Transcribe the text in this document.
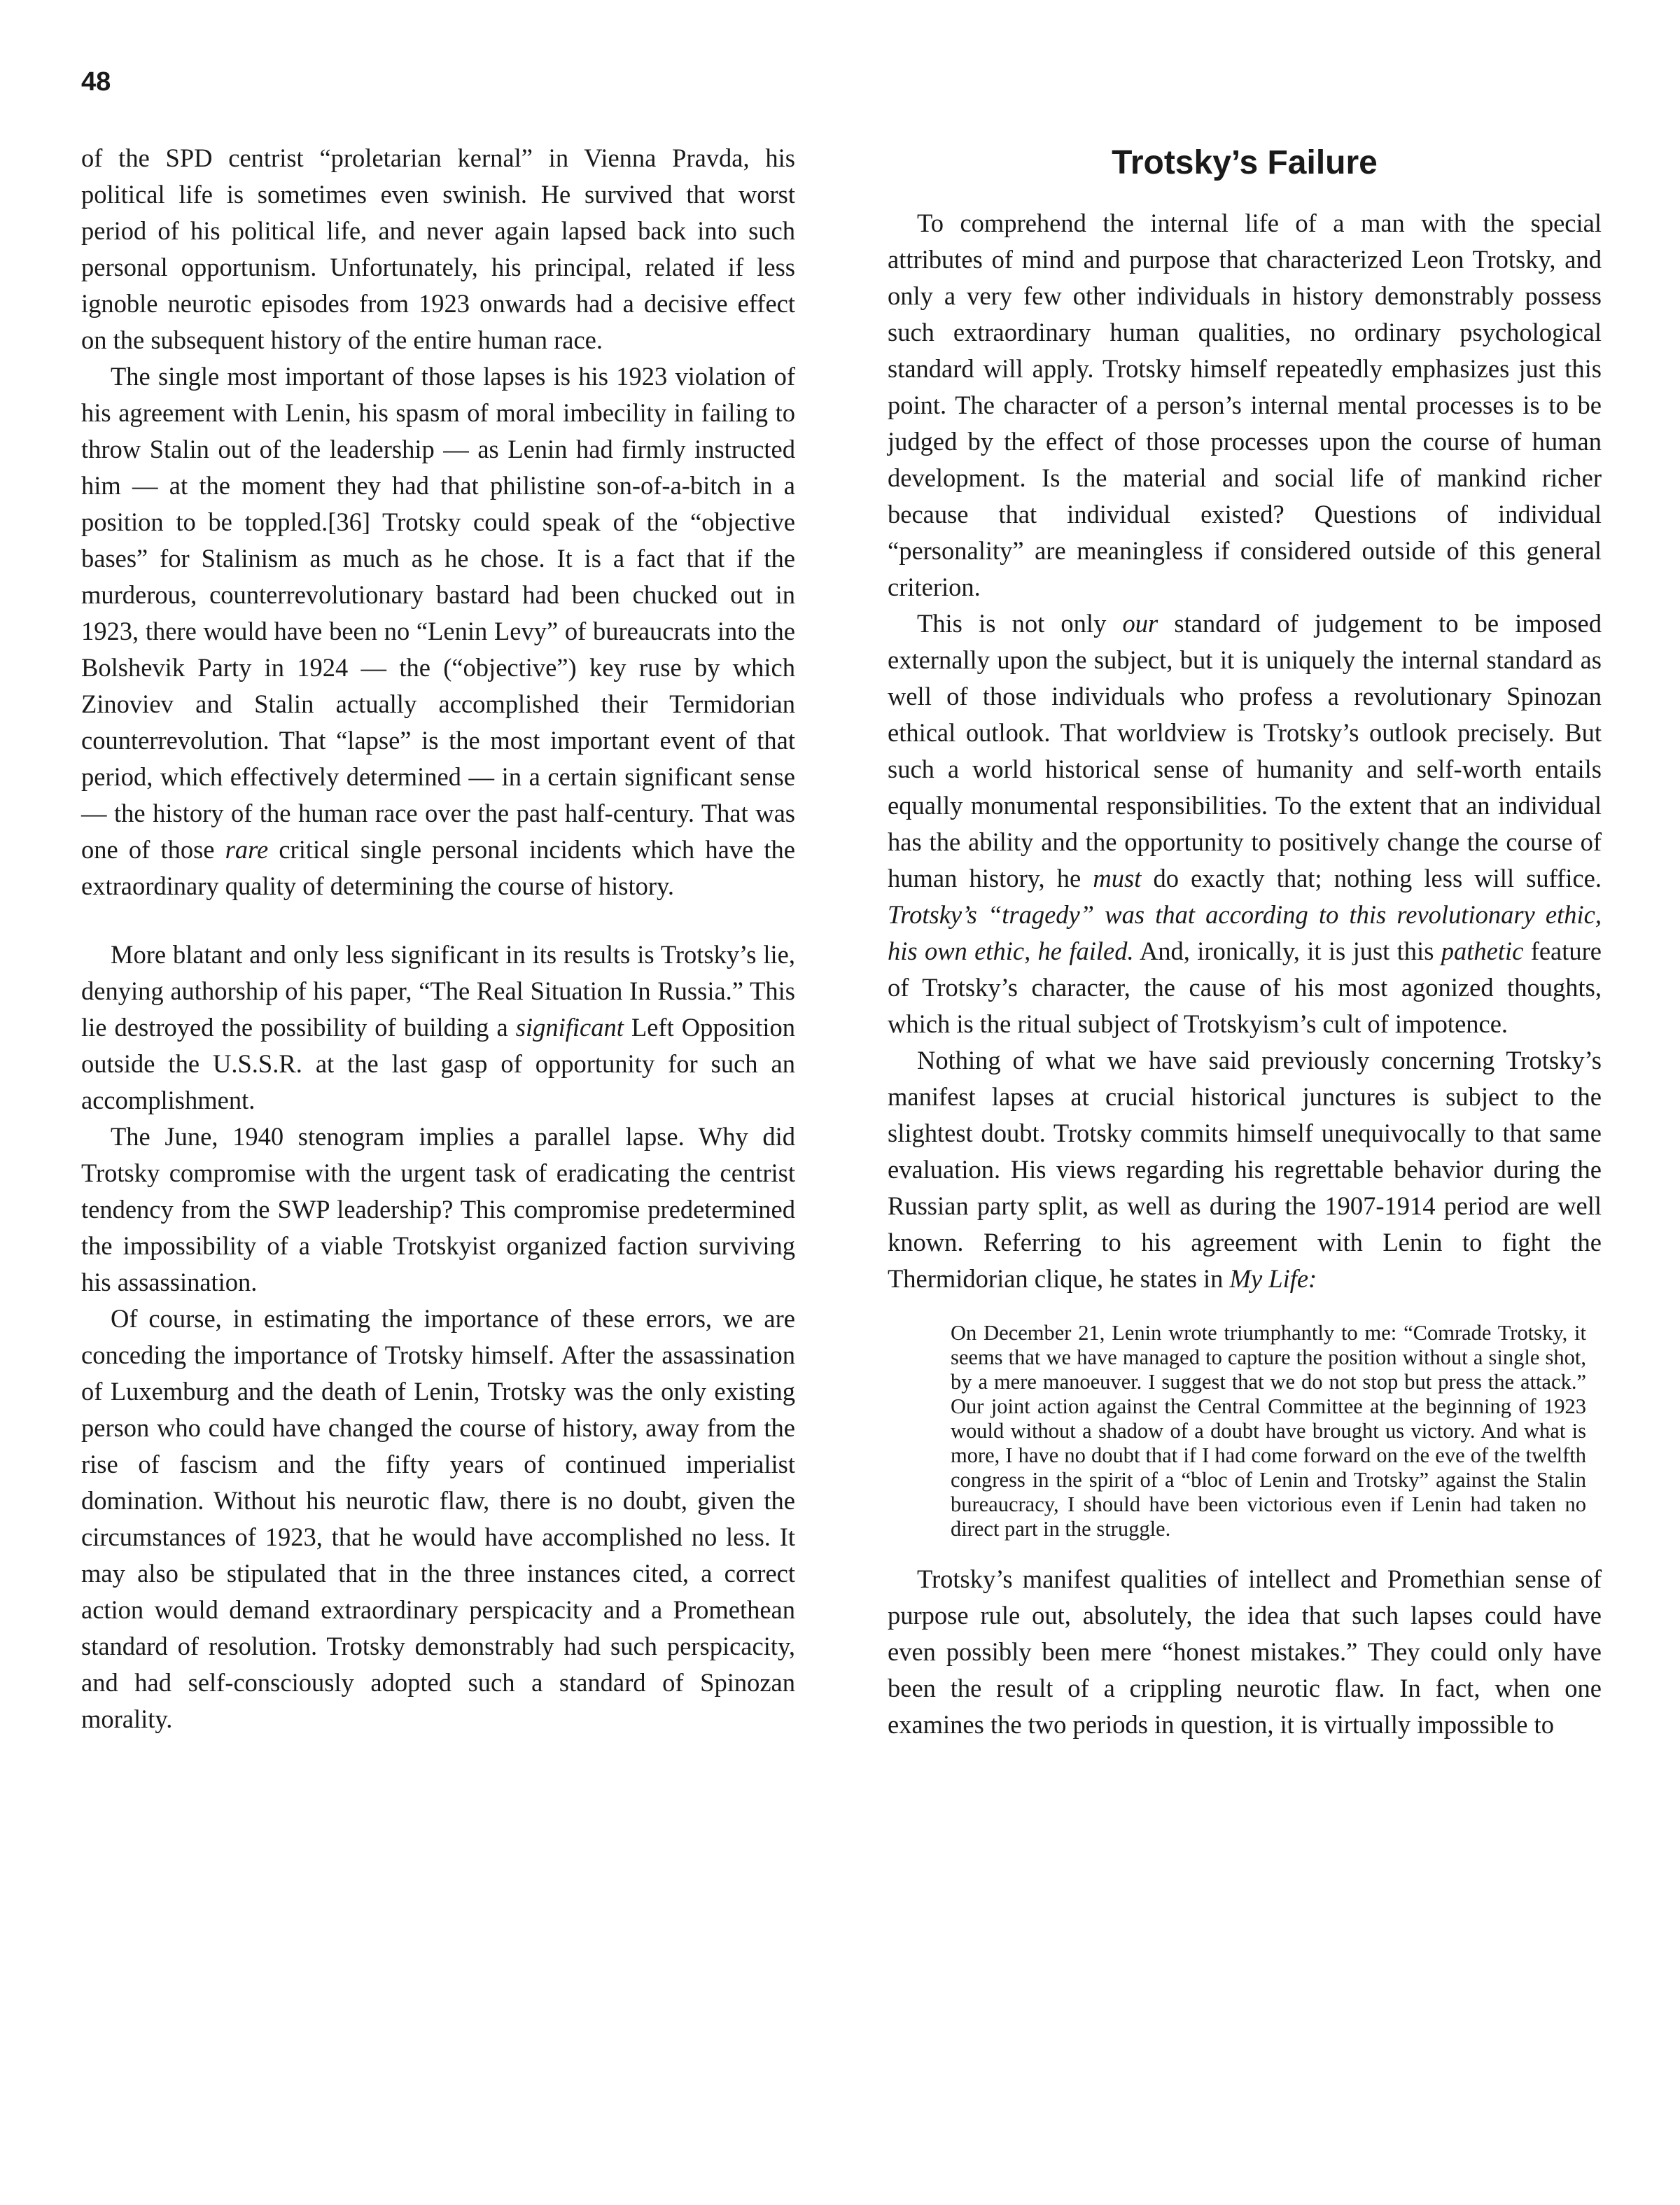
48

of the SPD centrist “proletarian kernal” in Vienna Pravda, his political life is sometimes even swinish. He survived that worst period of his political life, and never again lapsed back into such personal opportunism. Unfortunately, his principal, related if less ignoble neurotic episodes from 1923 onwards had a decisive effect on the subsequent history of the entire human race.

The single most important of those lapses is his 1923 violation of his agreement with Lenin, his spasm of moral imbecility in failing to throw Stalin out of the leadership — as Lenin had firmly instructed him — at the moment they had that philistine son-of-a-bitch in a position to be toppled.[36] Trotsky could speak of the “objective bases” for Stalinism as much as he chose. It is a fact that if the murderous, counterrevolutionary bastard had been chucked out in 1923, there would have been no “Lenin Levy” of bureaucrats into the Bolshevik Party in 1924 — the (“objective”) key ruse by which Zinoviev and Stalin actually accomplished their Termidorian counterrevolution. That “lapse” is the most important event of that period, which effectively determined — in a certain significant sense — the history of the human race over the past half-century. That was one of those rare critical single personal incidents which have the extraordinary quality of determining the course of history.

More blatant and only less significant in its results is Trotsky’s lie, denying authorship of his paper, “The Real Situation In Russia.” This lie destroyed the possibility of building a significant Left Opposition outside the U.S.S.R. at the last gasp of opportunity for such an accomplishment.

The June, 1940 stenogram implies a parallel lapse. Why did Trotsky compromise with the urgent task of eradicating the centrist tendency from the SWP leadership? This compromise predetermined the impossibility of a viable Trotskyist organized faction surviving his assassination.

Of course, in estimating the importance of these errors, we are conceding the importance of Trotsky himself. After the assassination of Luxemburg and the death of Lenin, Trotsky was the only existing person who could have changed the course of history, away from the rise of fascism and the fifty years of continued imperialist domination. Without his neurotic flaw, there is no doubt, given the circumstances of 1923, that he would have accomplished no less. It may also be stipulated that in the three instances cited, a correct action would demand extraordinary perspicacity and a Promethean standard of resolution. Trotsky demonstrably had such perspicacity, and had self-consciously adopted such a standard of Spinozan morality.

Trotsky’s Failure

To comprehend the internal life of a man with the special attributes of mind and purpose that characterized Leon Trotsky, and only a very few other individuals in history demonstrably possess such extraordinary human qualities, no ordinary psychological standard will apply. Trotsky himself repeatedly emphasizes just this point. The character of a person’s internal mental processes is to be judged by the effect of those processes upon the course of human development. Is the material and social life of mankind richer because that individual existed? Questions of individual “personality” are meaningless if considered outside of this general criterion.

This is not only our standard of judgement to be imposed externally upon the subject, but it is uniquely the internal standard as well of those individuals who profess a revolutionary Spinozan ethical outlook. That worldview is Trotsky’s outlook precisely. But such a world historical sense of humanity and self-worth entails equally monumental responsibilities. To the extent that an individual has the ability and the opportunity to positively change the course of human history, he must do exactly that; nothing less will suffice. Trotsky’s “tragedy” was that according to this revolutionary ethic, his own ethic, he failed. And, ironically, it is just this pathetic feature of Trotsky’s character, the cause of his most agonized thoughts, which is the ritual subject of Trotskyism’s cult of impotence.

Nothing of what we have said previously concerning Trotsky’s manifest lapses at crucial historical junctures is subject to the slightest doubt. Trotsky commits himself unequivocally to that same evaluation. His views regarding his regrettable behavior during the Russian party split, as well as during the 1907-1914 period are well known. Referring to his agreement with Lenin to fight the Thermidorian clique, he states in My Life:

On December 21, Lenin wrote triumphantly to me: “Comrade Trotsky, it seems that we have managed to capture the position without a single shot, by a mere manoeuver. I suggest that we do not stop but press the attack.” Our joint action against the Central Committee at the beginning of 1923 would without a shadow of a doubt have brought us victory. And what is more, I have no doubt that if I had come forward on the eve of the twelfth congress in the spirit of a “bloc of Lenin and Trotsky” against the Stalin bureaucracy, I should have been victorious even if Lenin had taken no direct part in the struggle.

Trotsky’s manifest qualities of intellect and Promethian sense of purpose rule out, absolutely, the idea that such lapses could have even possibly been mere “honest mistakes.” They could only have been the result of a crippling neurotic flaw. In fact, when one examines the two periods in question, it is virtually impossible to
